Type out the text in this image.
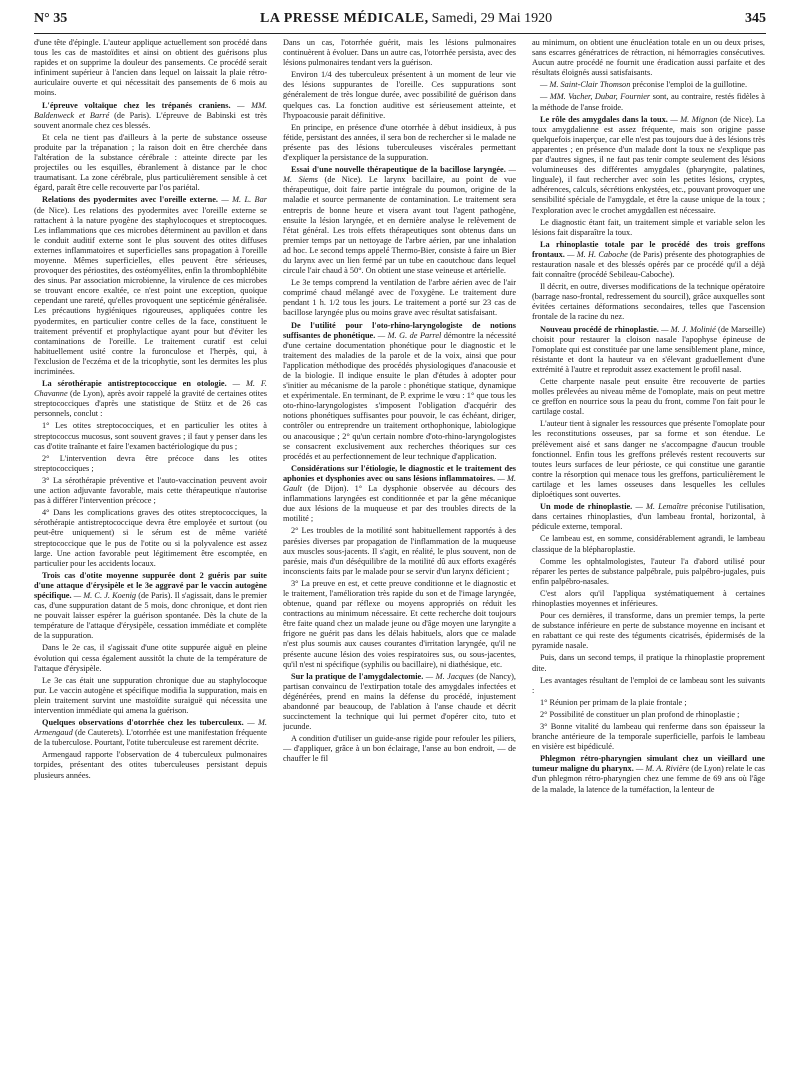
N° 35	LA PRESSE MÉDICALE, Samedi, 29 Mai 1920	345

d'une tête d'épingle. L'auteur applique actuellement son procédé dans tous les cas de mastoïdites et ainsi on obtient des guérisons plus rapides et on supprime la douleur des pansements. Ce procédé serait infiniment supérieur à l'ancien dans lequel on laissait la plaie rétro-auriculaire ouverte et qui nécessitait des pansements de 6 mois au moins.

L'épreuve voltaïque chez les trépanés craniens. — MM. Baldenweck et Barré (de Paris). L'épreuve de Babinski est très souvent anormale chez ces blessés.

Et cela ne tient pas d'ailleurs à la perte de substance osseuse produite par la trépanation ; la raison doit en être cherchée dans l'altération de la substance cérébrale : atteinte directe par les projectiles ou les esquilles, ébranlement à distance par le choc traumatisant. La zone cérébrale, plus particulièrement sensible à cet égard, paraît être celle recouverte par l'os pariétal.

Relations des pyodermites avec l'oreille externe. — M. L. Bar (de Nice). Les relations des pyodermites avec l'oreille externe se rattachent à la nature pyogène des staphylocoques et streptocoques. Les inflammations que ces microbes déterminent au pavillon et dans le conduit auditif externe sont le plus souvent des otites diffuses externes inflammatoires et superficielles sans propagation à l'oreille moyenne. Mêmes superficielles, elles peuvent être sérieuses, provoquer des périostites, des ostéomyélites, enfin la thrombophlébite des sinus. Par association microbienne, la virulence de ces microbes se trouvant encore exaltée, ce n'est point une exception, quoique cependant une rareté, qu'elles provoquent une septicémie généralisée. Les précautions hygiéniques rigoureuses, appliquées contre les pyodermites, en particulier contre celles de la face, constituent le traitement préventif et prophylactique ayant pour but d'éviter les contaminations de l'oreille. Le traitement curatif est celui habituellement usité contre la furonculose et l'herpès, qui, à l'exclusion de l'eczéma et de la tricophytie, sont les dermites les plus incriminées.

La sérothérapie antistreptococcique en otologie. — M. F. Chavanne (de Lyon), après avoir rappelé la gravité de certaines otites streptococciques d'après une statistique de Stütz et de 26 cas personnels, conclut :

1° Les otites streptococciques, et en particulier les otites à streptococcus mucosus, sont souvent graves ; il faut y penser dans les cas d'otite traînante et faire l'examen bactériologique du pus ;

2° L'intervention devra être précoce dans les otites streptococciques ;

3° La sérothérapie préventive et l'auto-vaccination peuvent avoir une action adjuvante favorable, mais cette thérapeutique n'autorise pas à différer l'intervention précoce ;

4° Dans les complications graves des otites streptococciques, la sérothérapie antistreptococcique devra être employée et surtout (ou peut-être uniquement) si le sérum est de même variété streptococcique que le pus de l'otite ou si la polyvalence est assez large. Une action favorable peut légitimement être escomptée, en particulier pour les accidents locaux.

Trois cas d'otite moyenne suppurée dont 2 guéris par suite d'une attaque d'érysipèle et le 3e aggravé par le vaccin autogène spécifique. — M. C. J. Koenig (de Paris). Il s'agissait, dans le premier cas, d'une suppuration datant de 5 mois, donc chronique, et dont rien ne pouvait laisser espérer la guérison spontanée. Dès la chute de la température de l'attaque d'érysipèle, cessation immédiate et complète de la suppuration.

Dans le 2e cas, il s'agissait d'une otite suppurée aiguë en pleine évolution qui cessa également aussitôt la chute de la température de l'attaque d'érysipèle.

Le 3e cas était une suppuration chronique due au staphylocoque pur. Le vaccin autogène et spécifique modifia la suppuration, mais en plein traitement survint une mastoïdite suraiguë qui nécessita une intervention immédiate qui amena la guérison.

Quelques observations d'otorrhée chez les tuberculeux. — M. Armengaud (de Cauterets). L'otorrhée est une manifestation fréquente de la tuberculose. Pourtant, l'otite tuberculeuse est rarement décrite.

Armengaud rapporte l'observation de 4 tuberculeux pulmonaires torpides, présentant des otites tuberculeuses persistant depuis plusieurs années.

Dans un cas, l'otorrhée guérit, mais les lésions pulmonaires continuèrent à évoluer. Dans un autre cas, l'otorrhée persista, avec des lésions pulmonaires tendant vers la guérison.

Environ 1/4 des tuberculeux présentent à un moment de leur vie des lésions suppurantes de l'oreille. Ces suppurations sont généralement de très longue durée, avec possibilité de guérison dans quelques cas. La fonction auditive est sérieusement atteinte, et l'hypoacousie parait définitive.

En principe, en présence d'une otorrhée à début insidieux, à pus fétide, persistant des années, il sera bon de rechercher si le malade ne présente pas des lésions tuberculeuses viscérales permettant d'expliquer la persistance de la suppuration.

Essai d'une nouvelle thérapeutique de la bacillose laryngée. — M. Siems (de Nice). Le larynx bacillaire, au point de vue thérapeutique, doit faire partie intégrale du poumon, origine de la maladie et source permanente de contamination. Le traitement sera entrepris de bonne heure et visera avant tout l'agent pathogène, ensuite la lésion laryngée, et en dernière analyse le relèvement de l'état général. Les trois effets thérapeutiques sont obtenus dans un premier temps par un nettoyage de l'arbre aérien, par une inhalation ad hoc. Le second temps appelé Thermo-Bier, consiste à faire un Bier du larynx avec un lien fermé par un tube en caoutchouc dans lequel circule l'air chaud à 50°. On obtient une stase veineuse et artérielle.

Le 3e temps comprend la ventilation de l'arbre aérien avec de l'air comprimé chaud mélangé avec de l'oxygène. Le traitement dure pendant 1 h. 1/2 tous les jours. Le traitement a porté sur 23 cas de bacillose laryngée plus ou moins grave avec résultat satisfaisant.

De l'utilité pour l'oto-rhino-laryngologiste de notions suffisantes de phonétique. — M. G. de Parrel démontre la nécessité d'une certaine documentation phonétique pour le diagnostic et le traitement des maladies de la parole et de la voix, ainsi que pour l'application méthodique des procédés physiologiques d'anacousie et de la biologie. Il indique ensuite le plan d'études à adopter pour s'initier au mécanisme de la parole : phonétique statique, dynamique et expérimentale. En terminant, de P. exprime le vœu : 1° que tous les oto-rhino-laryngologistes s'imposent l'obligation d'acquérir des notions phonétiques suffisantes pour pouvoir, le cas échéant, diriger, contrôler ou entreprendre un traitement orthophonique, labiologique ou anacousique ; 2° qu'un certain nombre d'oto-rhino-laryngologistes se consacrent exclusivement aux recherches théoriques sur ces procédés et au perfectionnement de leur technique d'application.

Considérations sur l'étiologie, le diagnostic et le traitement des aphonies et dysphonies avec ou sans lésions inflammatoires. — M. Gault (de Dijon). 1° La dysphonie observée au décours des inflammations laryngées est conditionnée et par la gêne mécanique due aux lésions de la muqueuse et par des troubles directs de la motilité ;

2° Les troubles de la motilité sont habituellement rapportés à des parésies diverses par propagation de l'inflammation de la muqueuse aux muscles sous-jacents. Il s'agit, en réalité, le plus souvent, non de parésie, mais d'un déséquilibre de la motilité dû aux efforts exagérés inconscients faits par le malade pour se servir d'un larynx déficient ;

3° La preuve en est, et cette preuve conditionne et le diagnostic et le traitement, l'amélioration très rapide du son et de l'image laryngée, obtenue, quand par réflexe ou moyens appropriés on réduit les contractions au minimum nécessaire. Et cette recherche doit toujours être faite quand chez un malade jeune ou d'âge moyen une laryngite a frigore ne guérit pas dans les délais habituels, alors que ce malade n'est plus soumis aux causes courantes d'irritation laryngée, qu'il ne présente aucune lésion des voies respiratoires sus, ou sous-jacentes, qu'il n'est ni spécifique (syphilis ou bacillaire), ni diathésique, etc.

Sur la pratique de l'amygdalectomie. — M. Jacques (de Nancy), partisan convaincu de l'extirpation totale des amygdales infectées et dégénérées, prend en mains la défense du procédé, injustement abandonné par beaucoup, de l'ablation à l'anse chaude et décrit succinctement la technique qui lui permet d'opérer cito, tuto et jucunde.

A condition d'utiliser un guide-anse rigide pour refouler les piliers, — d'appliquer, grâce à un bon éclairage, l'anse au bon endroit, — de chauffer le fil

au minimum, on obtient une énucléation totale en un ou deux prises, sans escarres génératrices de rétraction, ni hémorragies consécutives. Aucun autre procédé ne fournit une éradication aussi parfaite et des résultats éloignés aussi satisfaisants.

— M. Saint-Clair Thomson préconise l'emploi de la guillotine.

— MM. Vacher, Dubar, Fournier sont, au contraire, restés fidèles à la méthode de l'anse froide.

Le rôle des amygdales dans la toux. — M. Mignon (de Nice). La toux amygdalienne est assez fréquente, mais son origine passe quelquefois inaperçue, car elle n'est pas toujours due à des lésions très apparentes ; en présence d'un malade dont la toux ne s'explique pas par d'autres signes, il ne faut pas tenir compte seulement des lésions volumineuses des différentes amygdales (pharyngite, palatines, linguale), il faut rechercher avec soin les petites lésions, cryptes, adhérences, calculs, sécrétions enkystées, etc., pouvant provoquer une sensibilité spéciale de l'amygdale, et être la cause unique de la toux ; l'exploration avec le crochet amygdallen est nécessaire.

Le diagnostic étant fait, un traitement simple et variable selon les lésions fait disparaître la toux.

La rhinoplastie totale par le procédé des trois greffons frontaux. — M. H. Caboche (de Paris) présente des photographies de restauration nasale et des blessés opérés par ce procédé qu'il a déjà fait connaître (procédé Sebileau-Caboche).

Il décrit, en outre, diverses modifications de la technique opératoire (barrage naso-frontal, redressement du sourcil), grâce auxquelles sont évitées certaines déformations secondaires, telles que l'ascension frontale de la racine du nez.

Nouveau procédé de rhinoplastie. — M. J. Molinié (de Marseille) choisit pour restaurer la cloison nasale l'apophyse épineuse de l'omoplate qui est constituée par une lame sensiblement plane, mince, résistante et dont la hauteur va en s'élevant graduellement d'une extrémité à l'autre et reproduit assez exactement le profil nasal.

Cette charpente nasale peut ensuite être recouverte de parties molles prélevées au niveau même de l'omoplate, mais on peut mettre ce greffon en nourrice sous la peau du front, comme l'on fait pour le cartilage costal.

L'auteur tient à signaler les ressources que présente l'omoplate pour les reconstitutions osseuses, par sa forme et son étendue. Le prélèvement aisé et sans danger ne s'accompagne d'aucun trouble fonctionnel. Enfin tous les greffons prélevés restent recouverts sur toutes leurs surfaces de leur périoste, ce qui constitue une garantie contre la résorption qui menace tous les greffons, particulièrement le cartilage et les lames osseuses dans lesquelles les cellules diploétiques sont ouvertes.

Un mode de rhinoplastie. — M. Lemaître préconise l'utilisation, dans certaines rhinoplasties, d'un lambeau frontal, horizontal, à pédicule externe, temporal.

Ce lambeau est, en somme, considérablement agrandi, le lambeau classique de la blépharoplastie.

Comme les ophtalmologistes, l'auteur l'a d'abord utilisé pour réparer les pertes de substance palpébrale, puis palpébro-jugales, puis enfin palpébro-nasales.

C'est alors qu'il l'appliqua systématiquement à certaines rhinoplasties moyennes et inférieures.

Pour ces dernières, il transforme, dans un premier temps, la perte de substance inférieure en perte de substance moyenne en incisant et en rabattant ce qui reste des téguments cicatrisés, épidermisés de la pyramide nasale.

Puis, dans un second temps, il pratique la rhinoplastie proprement dite.

Les avantages résultant de l'emploi de ce lambeau sont les suivants :

1° Réunion per primam de la plaie frontale ;

2° Possibilité de constituer un plan profond de rhinoplastie ;

3° Bonne vitalité du lambeau qui renferme dans son épaisseur la branche antérieure de la temporale superficielle, parfois le lambeau en visière est bipédiculé.

Phlegmon rétro-pharyngien simulant chez un vieillard une tumeur maligne du pharynx. — M. A. Rivière (de Lyon) relate le cas d'un phlegmon rétro-pharyngien chez une femme de 69 ans où l'âge de la malade, la latence de la tuméfaction, la lenteur de
